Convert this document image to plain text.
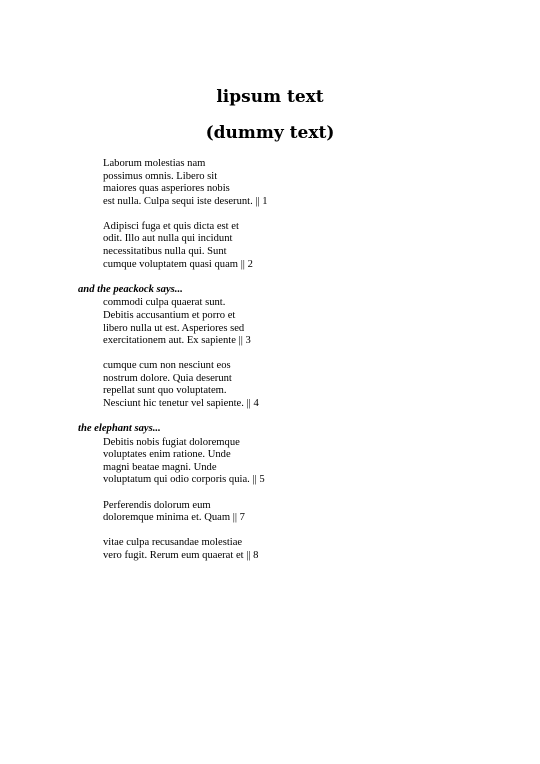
lipsum text
(dummy text)
Laborum molestias nam
possimus omnis. Libero sit
maiores quas asperiores nobis
est nulla. Culpa sequi iste deserunt. || 1
Adipisci fuga et quis dicta est et
odit. Illo aut nulla qui incidunt
necessitatibus nulla qui. Sunt
cumque voluptatem quasi quam || 2
and the peackock says...
commodi culpa quaerat sunt.
Debitis accusantium et porro et
libero nulla ut est. Asperiores sed
exercitationem aut. Ex sapiente || 3
cumque cum non nesciunt eos
nostrum dolore. Quia deserunt
repellat sunt quo voluptatem.
Nesciunt hic tenetur vel sapiente. || 4
the elephant says...
Debitis nobis fugiat doloremque
voluptates enim ratione. Unde
magni beatae magni. Unde
voluptatum qui odio corporis quia. || 5
Perferendis dolorum eum
doloremque minima et. Quam || 7
vitae culpa recusandae molestiae
vero fugit. Rerum eum quaerat et || 8
